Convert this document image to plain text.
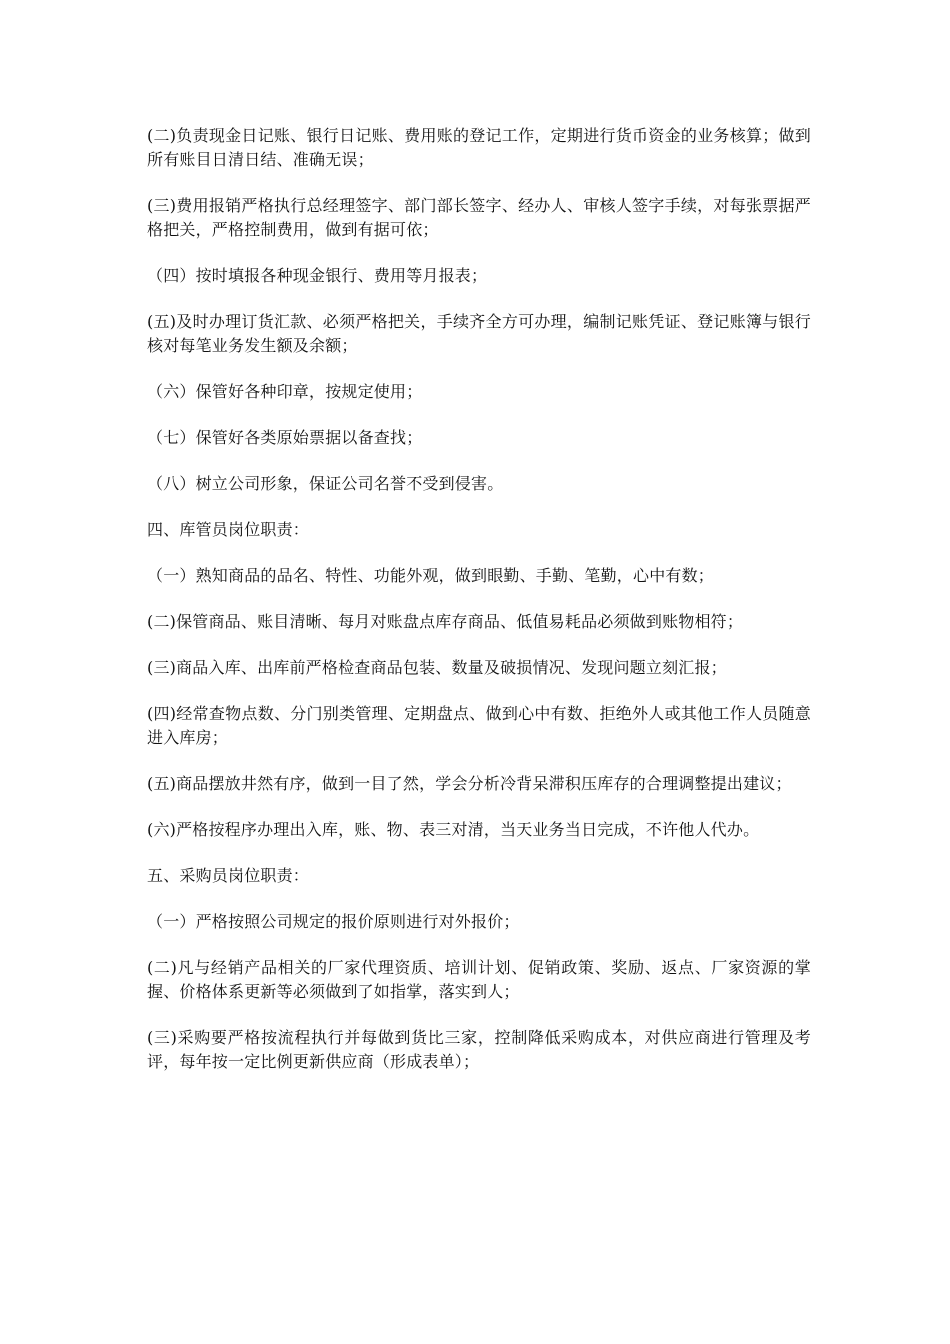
(二)负责现金日记账、银行日记账、费用账的登记工作，定期进行货币资金的业务核算；做到所有账目日清日结、准确无误；

(三)费用报销严格执行总经理签字、部门部长签字、经办人、审核人签字手续，对每张票据严格把关，严格控制费用，做到有据可依；

（四）按时填报各种现金银行、费用等月报表；

(五)及时办理订货汇款、必须严格把关，手续齐全方可办理，编制记账凭证、登记账簿与银行核对每笔业务发生额及余额；

（六）保管好各种印章，按规定使用；

（七）保管好各类原始票据以备查找；

（八）树立公司形象，保证公司名誉不受到侵害。

四、库管员岗位职责：

（一）熟知商品的品名、特性、功能外观，做到眼勤、手勤、笔勤，心中有数；

(二)保管商品、账目清晰、每月对账盘点库存商品、低值易耗品必须做到账物相符；

(三)商品入库、出库前严格检查商品包装、数量及破损情况、发现问题立刻汇报；

(四)经常查物点数、分门别类管理、定期盘点、做到心中有数、拒绝外人或其他工作人员随意进入库房；

(五)商品摆放井然有序，做到一目了然，学会分析冷背呆滞积压库存的合理调整提出建议；

(六)严格按程序办理出入库，账、物、表三对清，当天业务当日完成，不许他人代办。

五、采购员岗位职责：

（一）严格按照公司规定的报价原则进行对外报价；

(二)凡与经销产品相关的厂家代理资质、培训计划、促销政策、奖励、返点、厂家资源的掌握、价格体系更新等必须做到了如指掌，落实到人；

(三)采购要严格按流程执行并每做到货比三家，控制降低采购成本，对供应商进行管理及考评，每年按一定比例更新供应商（形成表单）；
